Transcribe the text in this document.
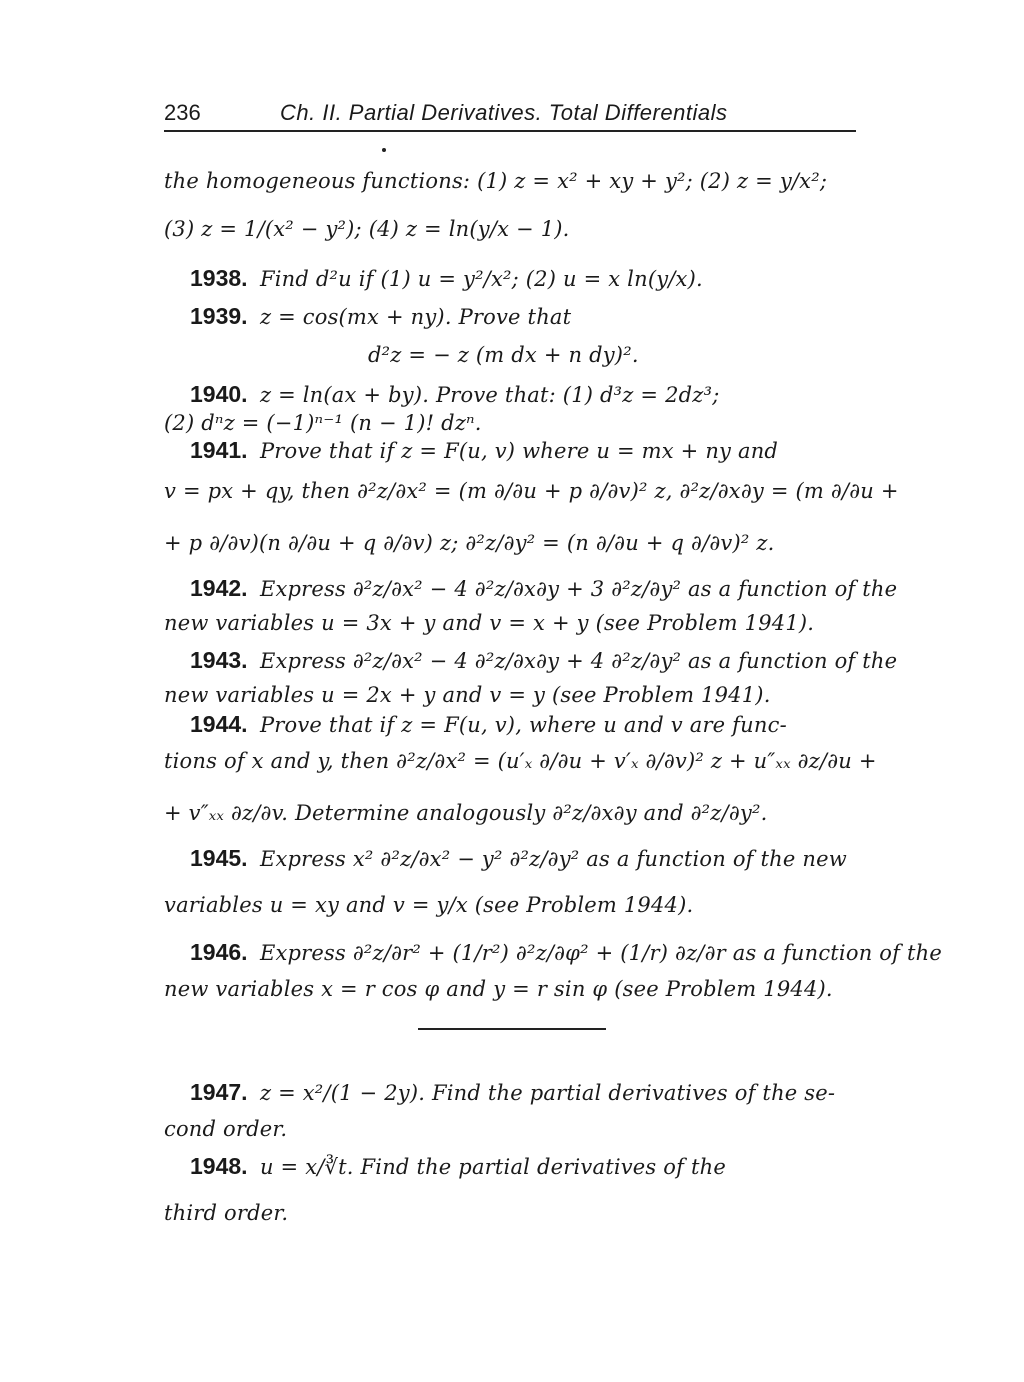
236	Ch. II. Partial Derivatives. Total Differentials
the homogeneous functions: (1) z = x² + xy + y²; (2) z = y/x²;
(3) z = 1/(x² − y²); (4) z = ln(y/x − 1).
1938. Find d²u if (1) u = y²/x²; (2) u = x ln(y/x).
1939. z = cos(mx + ny). Prove that
d²z = − z (m dx + n dy)².
1940. z = ln(ax + by). Prove that: (1) d³z = 2dz³;
(2) dⁿz = (−1)ⁿ⁻¹ (n − 1)! dzⁿ.
1941. Prove that if z = F(u, v) where u = mx + ny and
v = px + qy, then ∂²z/∂x² = (m ∂/∂u + p ∂/∂v)² z, ∂²z/∂x∂y = (m ∂/∂u +
+ p ∂/∂v)(n ∂/∂u + q ∂/∂v) z; ∂²z/∂y² = (n ∂/∂u + q ∂/∂v)² z.
1942. Express ∂²z/∂x² − 4 ∂²z/∂x∂y + 3 ∂²z/∂y² as a function of the
new variables u = 3x + y and v = x + y (see Problem 1941).
1943. Express ∂²z/∂x² − 4 ∂²z/∂x∂y + 4 ∂²z/∂y² as a function of the
new variables u = 2x + y and v = y (see Problem 1941).
1944. Prove that if z = F(u, v), where u and v are func-
tions of x and y, then ∂²z/∂x² = (u′ₓ ∂/∂u + v′ₓ ∂/∂v)² z + u″ₓₓ ∂z/∂u +
+ v″ₓₓ ∂z/∂v. Determine analogously ∂²z/∂x∂y and ∂²z/∂y².
1945. Express x² ∂²z/∂x² − y² ∂²z/∂y² as a function of the new
variables u = xy and v = y/x (see Problem 1944).
1946. Express ∂²z/∂r² + (1/r²) ∂²z/∂φ² + (1/r) ∂z/∂r as a function of the
new variables x = r cos φ and y = r sin φ (see Problem 1944).
1947. z = x²/(1 − 2y). Find the partial derivatives of the se-
cond order.
1948. u = x/∛t. Find the partial derivatives of the
third order.
